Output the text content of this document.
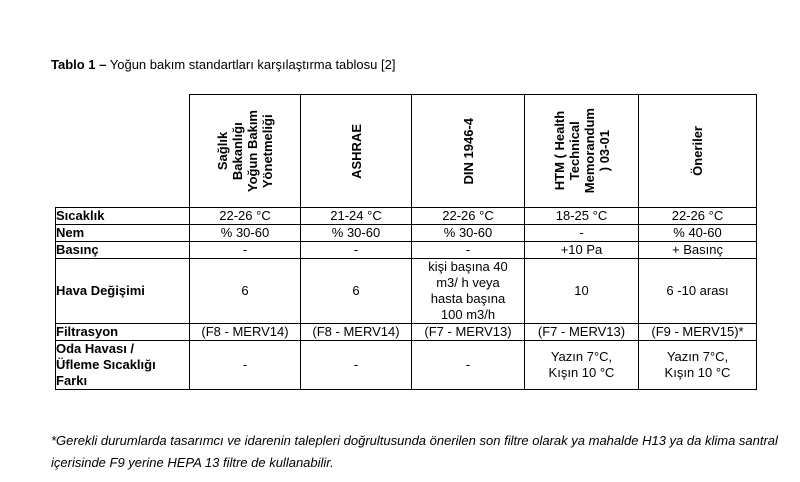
Tablo 1 – Yoğun bakım standartları karşılaştırma tablosu [2]

	Sağlık
Bakanlığı
Yoğun Bakım
Yönetmeliği	ASHRAE	DIN 1946-4	HTM ( Health
Technical
Memorandum
) 03-01	Öneriler

Sıcaklık	22-26 °C	21-24 °C	22-26 °C	18-25 °C	22-26 °C
Nem	% 30-60	% 30-60	% 30-60	-	% 40-60
Basınç	-	-	-	+10 Pa	+ Basınç
Hava Değişimi	6	6	kişi başına 40
m3/ h veya
hasta başına
100 m3/h	10	6 -10 arası
Filtrasyon	(F8 - MERV14)	(F8 - MERV14)	(F7 - MERV13)	(F7 - MERV13)	(F9 - MERV15)*
Oda Havası /
Üfleme Sıcaklığı
Farkı	-	-	-	Yazın 7°C,
Kışın 10 °C	Yazın 7°C,
Kışın 10 °C
*Gerekli durumlarda tasarımcı ve idarenin talepleri doğrultusunda önerilen son filtre olarak ya mahalde H13 ya da klima santral içerisinde F9 yerine HEPA 13 filtre de kullanabilir.
